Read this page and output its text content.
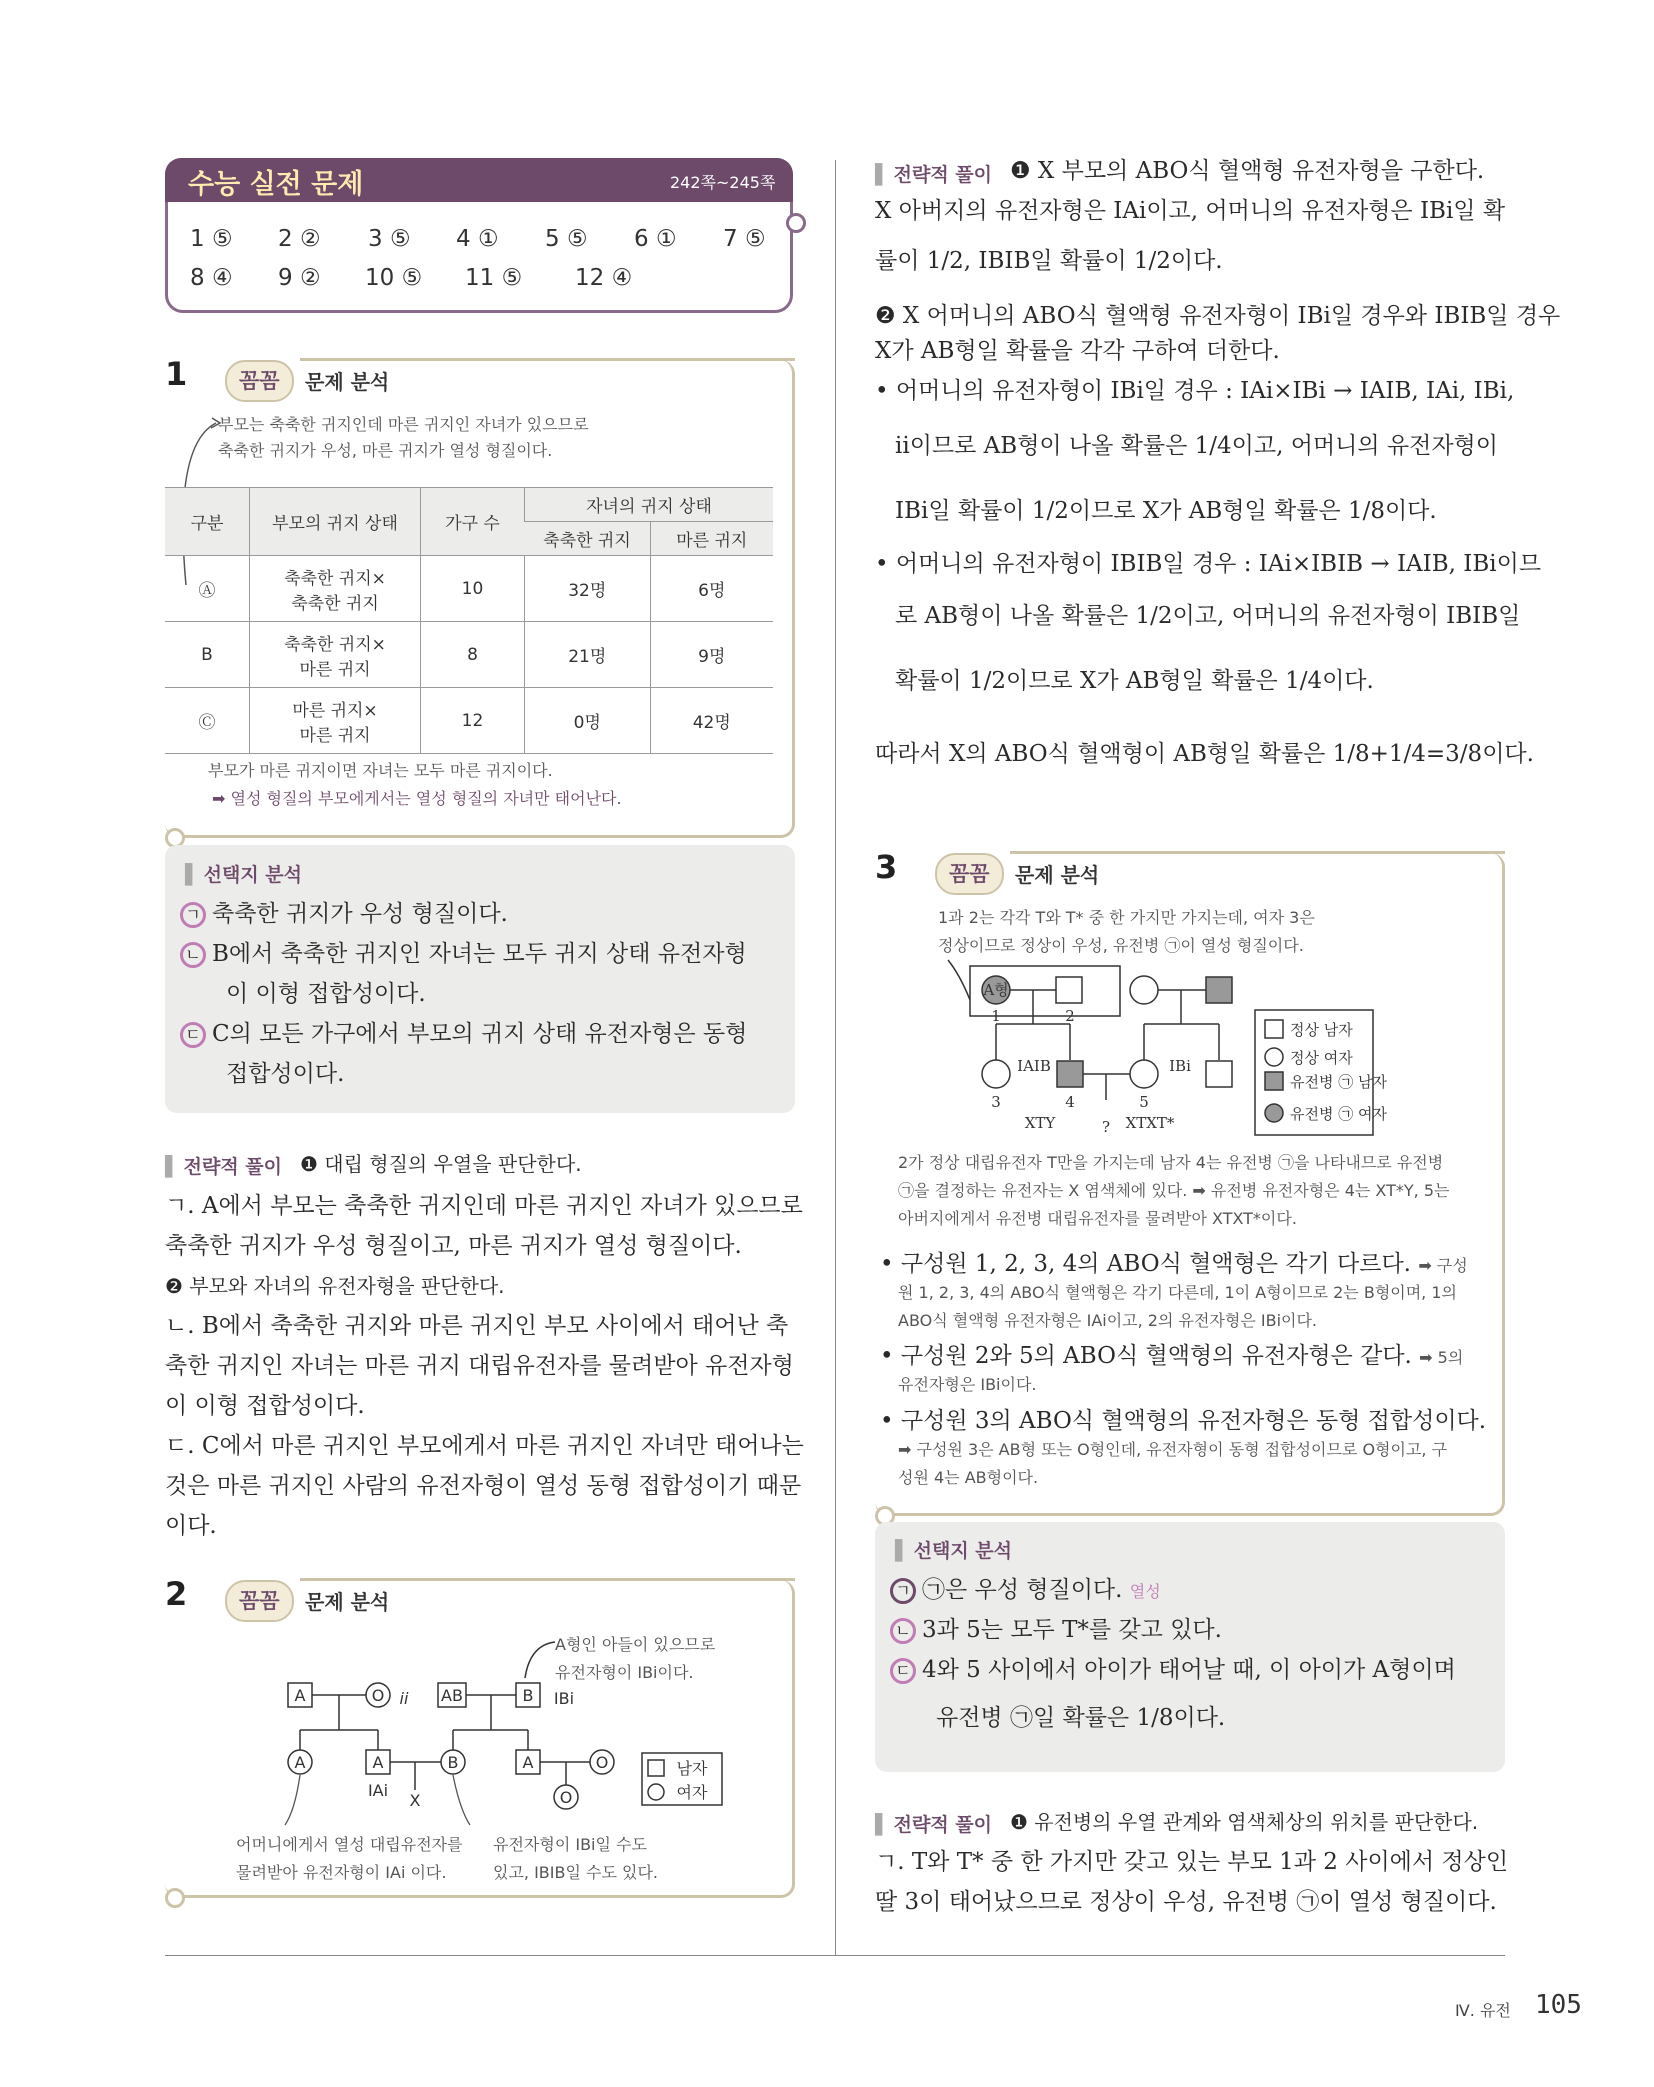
수능 실전 문제	242쪽~245쪽
1 ⑤ 2 ② 3 ⑤ 4 ① 5 ⑤ 6 ① 7 ⑤
8 ④ 9 ② 10 ⑤ 11 ⑤ 12 ④
1	꼼꼼	문제 분석
부모는 축축한 귀지인데 마른 귀지인 자녀가 있으므로
축축한 귀지가 우성, 마른 귀지가 열성 형질이다.
구분	부모의 귀지 상태	가구 수	자녀의 귀지 상태	
			축축한 귀지	마른 귀지
Ⓐ	축축한 귀지×
축축한 귀지	10	32명	6명
B	축축한 귀지×
마른 귀지	8	21명	9명
Ⓒ	마른 귀지×
마른 귀지	12	0명	42명
부모가 마른 귀지이면 자녀는 모두 마른 귀지이다.
➡ 열성 형질의 부모에게서는 열성 형질의 자녀만 태어난다.
▌ 선택지 분석
ㄱ 축축한 귀지가 우성 형질이다.
ㄴ B에서 축축한 귀지인 자녀는 모두 귀지 상태 유전자형
이 이형 접합성이다.
ㄷ C의 모든 가구에서 부모의 귀지 상태 유전자형은 동형
접합성이다.
▌ 전략적 풀이 ❶ 대립 형질의 우열을 판단한다.
ㄱ. A에서 부모는 축축한 귀지인데 마른 귀지인 자녀가 있으므로
축축한 귀지가 우성 형질이고, 마른 귀지가 열성 형질이다.
❷ 부모와 자녀의 유전자형을 판단한다.
ㄴ. B에서 축축한 귀지와 마른 귀지인 부모 사이에서 태어난 축
축한 귀지인 자녀는 마른 귀지 대립유전자를 물려받아 유전자형
이 이형 접합성이다.
ㄷ. C에서 마른 귀지인 부모에게서 마른 귀지인 자녀만 태어나는
것은 마른 귀지인 사람의 유전자형이 열성 동형 접합성이기 때문
이다.
2	꼼꼼	문제 분석
A형인 아들이 있으므로
유전자형이 IBi이다.
A	O ii AB	B IBi
A	A
IAi
B	A	O
O
X
남자
여자
어머니에게서 열성 대립유전자를
물려받아 유전자형이 IAi 이다.
유전자형이 IBi일 수도
있고, IBIB일 수도 있다.
▌ 전략적 풀이 ❶ X 부모의 ABO식 혈액형 유전자형을 구한다.
X 아버지의 유전자형은 IAi이고, 어머니의 유전자형은 IBi일 확
률이 1/2, IBIB일 확률이 1/2이다.
❷ X 어머니의 ABO식 혈액형 유전자형이 IBi일 경우와 IBIB일 경우
X가 AB형일 확률을 각각 구하여 더한다.
• 어머니의 유전자형이 IBi일 경우 : IAi×IBi → IAIB, IAi, IBi,
ii이므로 AB형이 나올 확률은 1/4이고, 어머니의 유전자형이
IBi일 확률이 1/2이므로 X가 AB형일 확률은 1/8이다.
• 어머니의 유전자형이 IBIB일 경우 : IAi×IBIB → IAIB, IBi이므
로 AB형이 나올 확률은 1/2이고, 어머니의 유전자형이 IBIB일
확률이 1/2이므로 X가 AB형일 확률은 1/4이다.
따라서 X의 ABO식 혈액형이 AB형일 확률은 1/8+1/4=3/8이다.
3	꼼꼼	문제 분석
1과 2는 각각 T와 T* 중 한 가지만 가지는데, 여자 3은
정상이므로 정상이 우성, 유전병 ㉠이 열성 형질이다.
A형
1	2
3	4	5
IAIB	IBi
XTY	? XTXT*
정상 남자
정상 여자
유전병 ㉠ 남자
유전병 ㉠ 여자
2가 정상 대립유전자 T만을 가지는데 남자 4는 유전병 ㉠을 나타내므로 유전병
㉠을 결정하는 유전자는 X 염색체에 있다. ➡ 유전병 유전자형은 4는 XT*Y, 5는
아버지에게서 유전병 대립유전자를 물려받아 XTXT*이다.
• 구성원 1, 2, 3, 4의 ABO식 혈액형은 각기 다르다. ➡ 구성
원 1, 2, 3, 4의 ABO식 혈액형은 각기 다른데, 1이 A형이므로 2는 B형이며, 1의
ABO식 혈액형 유전자형은 IAi이고, 2의 유전자형은 IBi이다.
• 구성원 2와 5의 ABO식 혈액형의 유전자형은 같다. ➡ 5의
유전자형은 IBi이다.
• 구성원 3의 ABO식 혈액형의 유전자형은 동형 접합성이다.
➡ 구성원 3은 AB형 또는 O형인데, 유전자형이 동형 접합성이므로 O형이고, 구
성원 4는 AB형이다.
▌ 선택지 분석
ㄱ ㉠은 우성 형질이다. 열성
ㄴ 3과 5는 모두 T*를 갖고 있다.
ㄷ 4와 5 사이에서 아이가 태어날 때, 이 아이가 A형이며
유전병 ㉠일 확률은 1/8이다.
▌ 전략적 풀이 ❶ 유전병의 우열 관계와 염색체상의 위치를 판단한다.
ㄱ. T와 T* 중 한 가지만 갖고 있는 부모 1과 2 사이에서 정상인
딸 3이 태어났으므로 정상이 우성, 유전병 ㉠이 열성 형질이다.
Ⅳ. 유전 105
